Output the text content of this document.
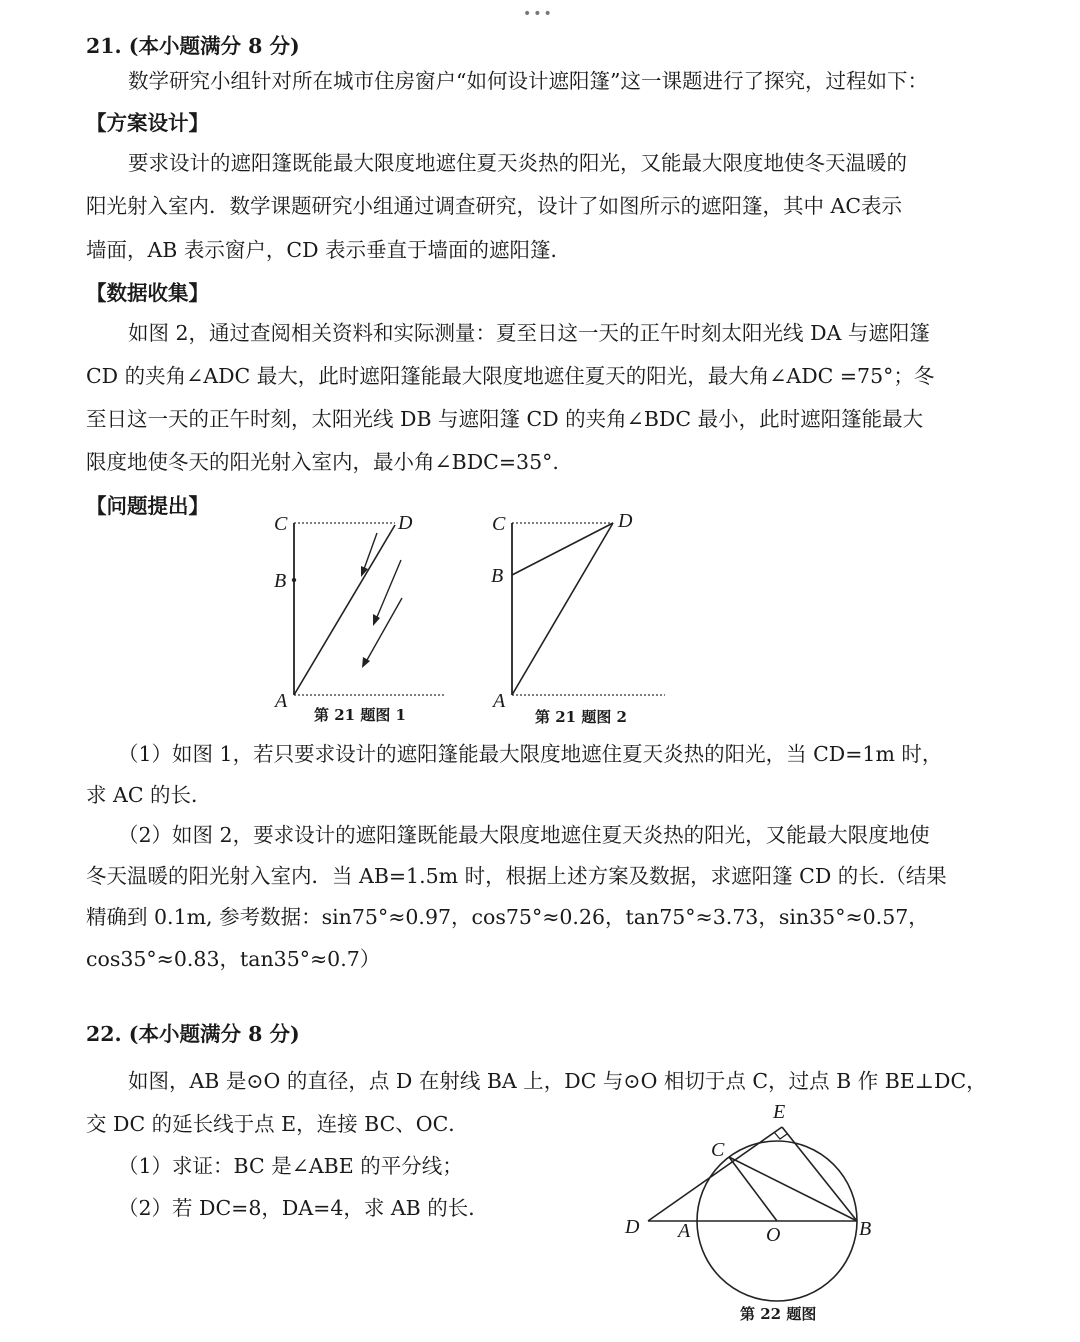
•••
21. (本小题满分 8 分)
数学研究小组针对所在城市住房窗户“如何设计遮阳篷”这一课题进行了探究，过程如下：
【方案设计】
要求设计的遮阳篷既能最大限度地遮住夏天炎热的阳光，又能最大限度地使冬天温暖的
阳光射入室内．数学课题研究小组通过调查研究，设计了如图所示的遮阳篷，其中 AC表示
墙面，AB 表示窗户，CD 表示垂直于墙面的遮阳篷．
【数据收集】
如图 2，通过查阅相关资料和实际测量：夏至日这一天的正午时刻太阳光线 DA 与遮阳篷
CD 的夹角∠ADC 最大，此时遮阳篷能最大限度地遮住夏天的阳光，最大角∠ADC =75°；冬
至日这一天的正午时刻，太阳光线 DB 与遮阳篷 CD 的夹角∠BDC 最小，此时遮阳篷能最大
限度地使冬天的阳光射入室内，最小角∠BDC=35°.
【问题提出】
C	D
B
A
第 21 题图 1
C	D
B
A
第 21 题图 2
（1）如图 1，若只要求设计的遮阳篷能最大限度地遮住夏天炎热的阳光，当 CD=1m 时，
求 AC 的长．
（2）如图 2，要求设计的遮阳篷既能最大限度地遮住夏天炎热的阳光，又能最大限度地使
冬天温暖的阳光射入室内．当 AB=1.5m 时，根据上述方案及数据，求遮阳篷 CD 的长.（结果
精确到 0.1m, 参考数据：sin75°≈0.97，cos75°≈0.26，tan75°≈3.73，sin35°≈0.57，
cos35°≈0.83，tan35°≈0.7）
22. (本小题满分 8 分)
如图，AB 是⊙O 的直径，点 D 在射线 BA 上，DC 与⊙O 相切于点 C，过点 B 作 BE⊥DC，
交 DC 的延长线于点 E，连接 BC、OC．
（1）求证：BC 是∠ABE 的平分线；
（2）若 DC=8，DA=4，求 AB 的长．
E
C
D A	O	B
第 22 题图
